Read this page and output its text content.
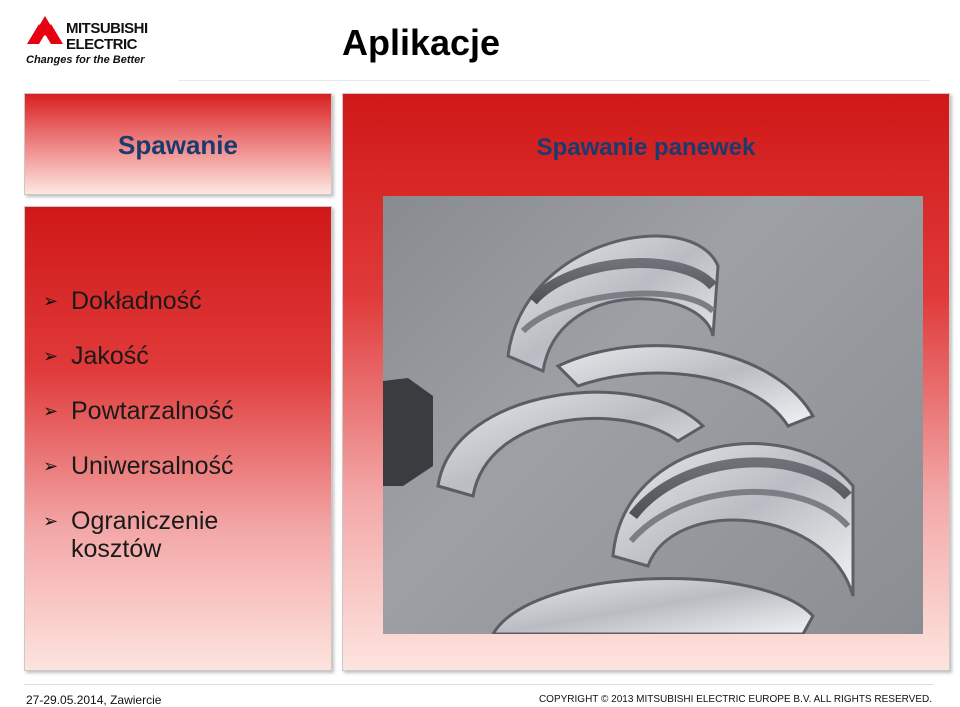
MITSUBISHI
ELECTRIC
Changes for the Better	Aplikacje
Spawanie
➢ Dokładność
➢ Jakość
➢ Powtarzalność
➢ Uniwersalność
➢ Ograniczenie kosztów
Spawanie panewek
27-29.05.2014, Zawiercie	COPYRIGHT © 2013 MITSUBISHI ELECTRIC EUROPE B.V. ALL RIGHTS RESERVED.
